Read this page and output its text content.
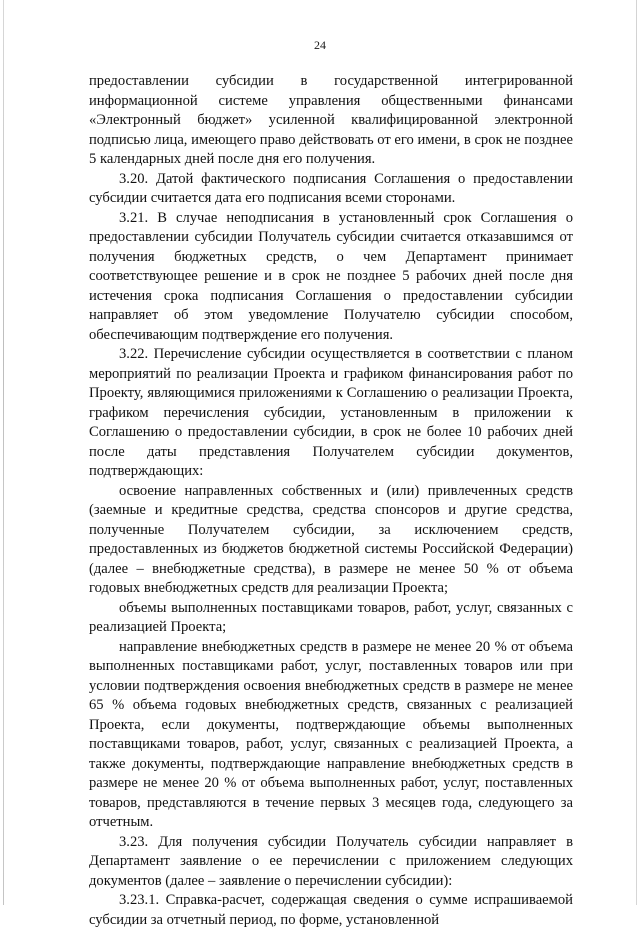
24

предоставлении субсидии в государственной интегрированной информационной системе управления общественными финансами «Электронный бюджет» усиленной квалифицированной электронной подписью лица, имеющего право действовать от его имени, в срок не позднее 5 календарных дней после дня его получения.

3.20. Датой фактического подписания Соглашения о предоставлении субсидии считается дата его подписания всеми сторонами.

3.21. В случае неподписания в установленный срок Соглашения о предоставлении субсидии Получатель субсидии считается отказавшимся от получения бюджетных средств, о чем Департамент принимает соответствующее решение и в срок не позднее 5 рабочих дней после дня истечения срока подписания Соглашения о предоставлении субсидии направляет об этом уведомление Получателю субсидии способом, обеспечивающим подтверждение его получения.

3.22. Перечисление субсидии осуществляется в соответствии с планом мероприятий по реализации Проекта и графиком финансирования работ по Проекту, являющимися приложениями к Соглашению о реализации Проекта, графиком перечисления субсидии, установленным в приложении к Соглашению о предоставлении субсидии, в срок не более 10 рабочих дней после даты представления Получателем субсидии документов, подтверждающих:

освоение направленных собственных и (или) привлеченных средств (заемные и кредитные средства, средства спонсоров и другие средства, полученные Получателем субсидии, за исключением средств, предоставленных из бюджетов бюджетной системы Российской Федерации) (далее – внебюджетные средства), в размере не менее 50 % от объема годовых внебюджетных средств для реализации Проекта;

объемы выполненных поставщиками товаров, работ, услуг, связанных с реализацией Проекта;

направление внебюджетных средств в размере не менее 20 % от объема выполненных поставщиками работ, услуг, поставленных товаров или при условии подтверждения освоения внебюджетных средств в размере не менее 65 % объема годовых внебюджетных средств, связанных с реализацией Проекта, если документы, подтверждающие объемы выполненных поставщиками товаров, работ, услуг, связанных с реализацией Проекта, а также документы, подтверждающие направление внебюджетных средств в размере не менее 20 % от объема выполненных работ, услуг, поставленных товаров, представляются в течение первых 3 месяцев года, следующего за отчетным.

3.23. Для получения субсидии Получатель субсидии направляет в Департамент заявление о ее перечислении с приложением следующих документов (далее – заявление о перечислении субсидии):

3.23.1. Справка-расчет, содержащая сведения о сумме испрашиваемой субсидии за отчетный период, по форме, установленной
